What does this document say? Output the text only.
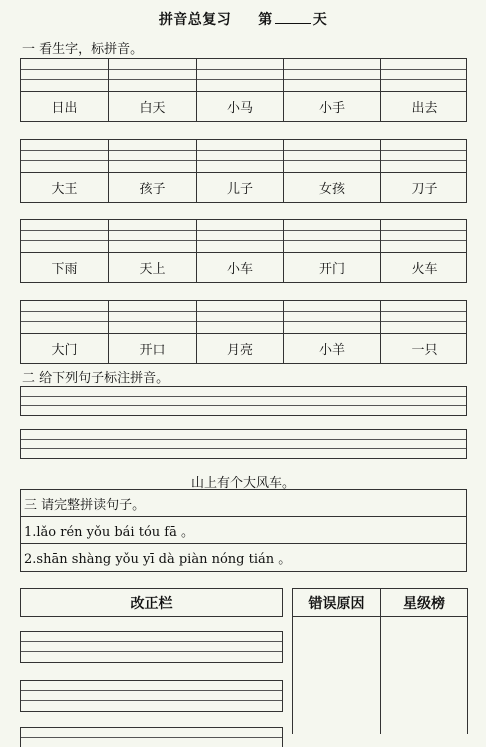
拼音总复习 第	天
一 看生字，标拼音。
日出	白天	小马	小手	出去
大王	孩子	儿子	女孩	刀子
下雨	天上	小车	开门	火车
大门	开口	月亮	小羊	一只
二 给下列句子标注拼音。
山上有个大风车。
三 请完整拼读句子。
1.lǎo rén yǒu bái tóu fā 。
2.shān shàng yǒu yī dà piàn nóng tián 。
改正栏	错误原因	星级榜
